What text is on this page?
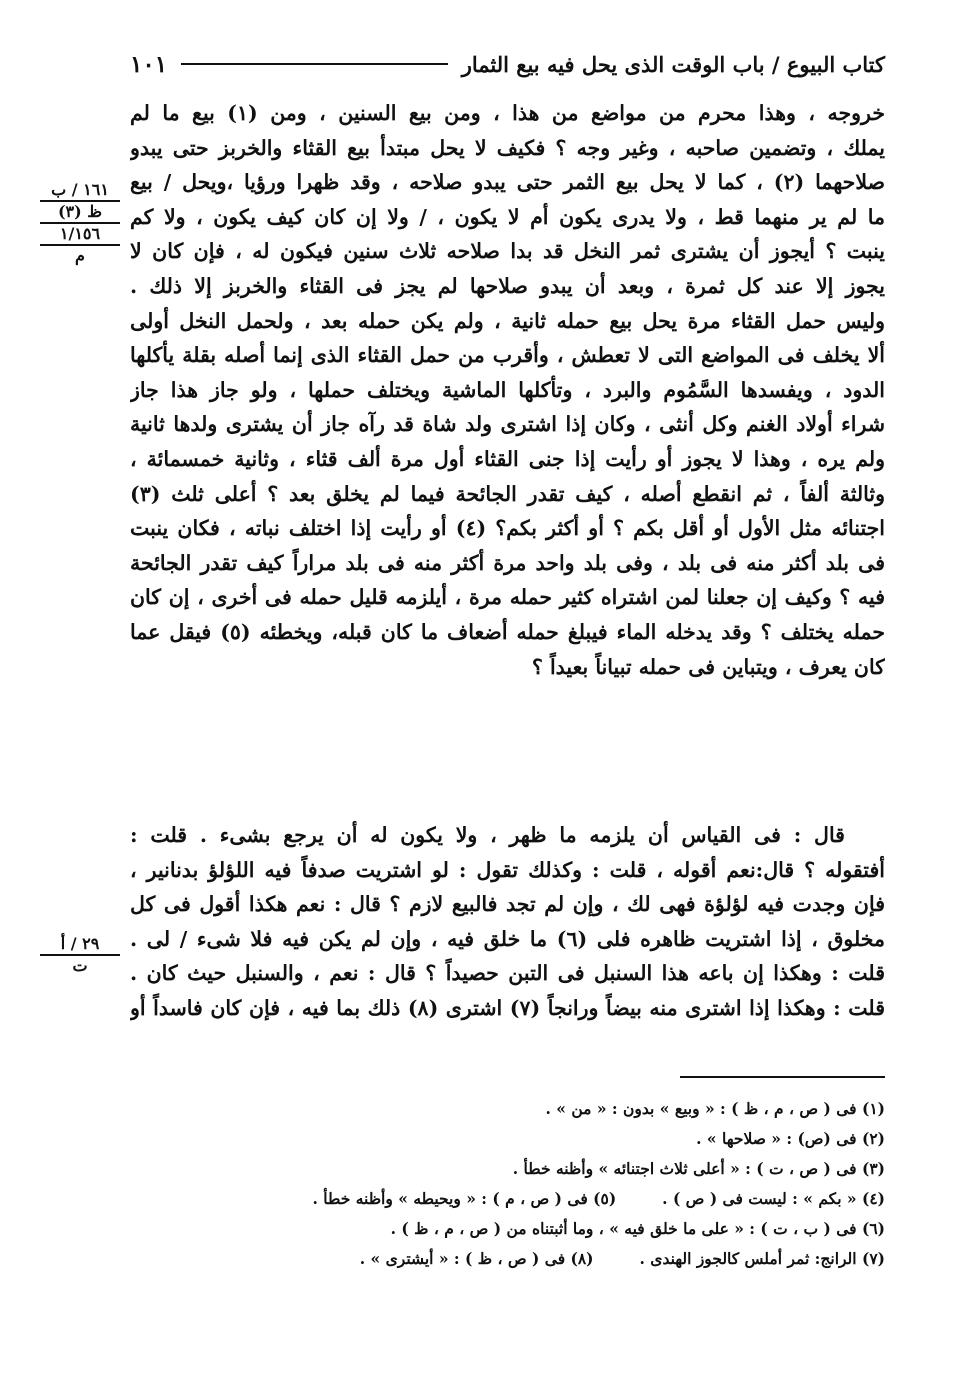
كتاب البيوع / باب الوقت الذى يحل فيه بيع الثمار
١٠١
١٦١ / ب
ظ (٣)
١/١٥٦
م
٢٩ / أ
ت
خروجه ، وهذا محرم من مواضع من هذا ، ومن بيع السنين ، ومن (١) بيع ما لم
يملك ، وتضمين صاحبه ، وغير وجه ؟ فكيف لا يحل مبتدأ بيع القثاء والخربز حتى يبدو
صلاحهما (٢) ، كما لا يحل بيع الثمر حتى يبدو صلاحه ، وقد ظهرا ورؤيا ،ويحل / بيع
ما لم ير منهما قط ، ولا يدرى يكون أم لا يكون ، / ولا إن كان كيف يكون ، ولا كم
ينبت ؟ أيجوز أن يشترى ثمر النخل قد بدا صلاحه ثلاث سنين فيكون له ، فإن كان لا
يجوز إلا عند كل ثمرة ، وبعد أن يبدو صلاحها لم يجز فى القثاء والخربز إلا ذلك .
وليس حمل القثاء مرة يحل بيع حمله ثانية ، ولم يكن حمله بعد ، ولحمل النخل أولى
ألا يخلف فى المواضع التى لا تعطش ، وأقرب من حمل القثاء الذى إنما أصله بقلة يأكلها
الدود ، ويفسدها السَّمُوم والبرد ، وتأكلها الماشية ويختلف حملها ، ولو جاز هذا جاز
شراء أولاد الغنم وكل أنثى ، وكان إذا اشترى ولد شاة قد رآه جاز أن يشترى ولدها ثانية
ولم يره ، وهذا لا يجوز أو رأيت إذا جنى القثاء أول مرة ألف قثاء ، وثانية خمسمائة ،
وثالثة ألفاً ، ثم انقطع أصله ، كيف تقدر الجائحة فيما لم يخلق بعد ؟ أعلى ثلث (٣)
اجتنائه مثل الأول أو أقل بكم ؟ أو أكثر بكم؟ (٤) أو رأيت إذا اختلف نباته ، فكان ينبت
فى بلد أكثر منه فى بلد ، وفى بلد واحد مرة أكثر منه فى بلد مراراً كيف تقدر الجائحة
فيه ؟ وكيف إن جعلنا لمن اشتراه كثير حمله مرة ، أيلزمه قليل حمله فى أخرى ، إن كان
حمله يختلف ؟ وقد يدخله الماء فيبلغ حمله أضعاف ما كان قبله، ويخطئه (٥) فيقل عما
كان يعرف ، ويتباين فى حمله تبياناً بعيداً ؟
قال : فى القياس أن يلزمه ما ظهر ، ولا يكون له أن يرجع بشىء . قلت :
أفتقوله ؟ قال:نعم أقوله ، قلت : وكذلك تقول : لو اشتريت صدفاً فيه اللؤلؤ بدنانير ،
فإن وجدت فيه لؤلؤة فهى لك ، وإن لم تجد فالبيع لازم ؟ قال : نعم هكذا أقول فى كل
مخلوق ، إذا اشتريت ظاهره فلى (٦) ما خلق فيه ، وإن لم يكن فيه فلا شىء / لى .
قلت : وهكذا إن باعه هذا السنبل فى التبن حصيداً ؟ قال : نعم ، والسنبل حيث كان .
قلت : وهكذا إذا اشترى منه بيضاً ورانجاً (٧) اشترى (٨) ذلك بما فيه ، فإن كان فاسداً أو
(١) فى ( ص ، م ، ظ ) : « وبيع » بدون : « من » .
(٢) فى (ص) : « صلاحها » .
(٣) فى ( ص ، ت ) : « أعلى ثلاث اجتنائه » وأظنه خطأ .
(٤) « بكم » : ليست فى ( ص ) .
(٥) فى ( ص ، م ) : « ويحيطه » وأظنه خطأ .
(٦) فى ( ب ، ت ) : « على ما خلق فيه » ، وما أثبتناه من ( ص ، م ، ظ ) .
(٧) الرانج: ثمر أملس كالجوز الهندى .
(٨) فى ( ص ، ظ ) : « أيشترى » .
